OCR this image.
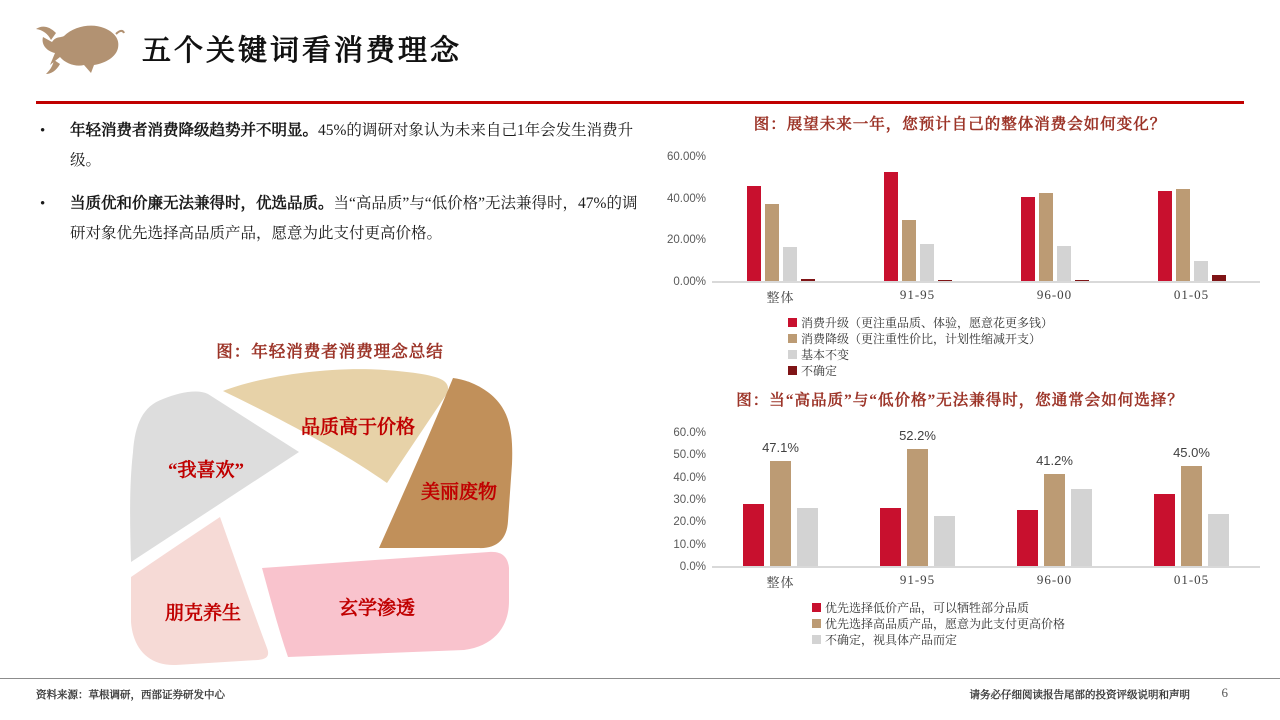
五个关键词看消费理念
• 年轻消费者消费降级趋势并不明显。45%的调研对象认为未来自己1年会发生消费升级。
• 当质优和价廉无法兼得时，优选品质。当“高品质”与“低价格”无法兼得时，47%的调研对象优先选择高品质产品，愿意为此支付更高价格。
图：年轻消费者消费理念总结
品质高于价格
美丽废物
玄学渗透
朋克养生
“我喜欢”
图：展望未来一年，您预计自己的整体消费会如何变化？
60.00%
40.00%
20.00%
0.00%
整体	91-95	96-00	01-05
消费升级（更注重品质、体验，愿意花更多钱）
消费降级（更注重性价比，计划性缩减开支）
基本不变
不确定
图：当“高品质”与“低价格”无法兼得时，您通常会如何选择？
60.0%
50.0%
40.0%
30.0%
20.0%
10.0%
0.0%
47.1%
52.2%
41.2%
45.0%
整体	91-95	96-00	01-05
优先选择低价产品，可以牺牲部分品质
优先选择高品质产品，愿意为此支付更高价格
不确定，视具体产品而定
资料来源：草根调研，西部证券研发中心	请务必仔细阅读报告尾部的投资评级说明和声明 6
